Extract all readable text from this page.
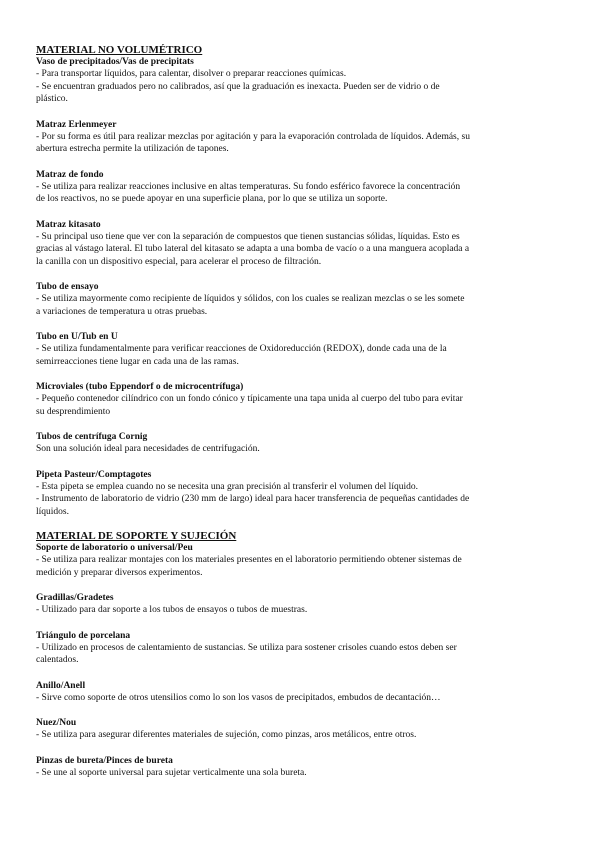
MATERIAL NO VOLUMÉTRICO
Vaso de precipitados/Vas de precipitats
- Para transportar líquidos, para calentar, disolver o preparar reacciones químicas.
- Se encuentran graduados pero no calibrados, así que la graduación es inexacta. Pueden ser de vidrio o de
plástico.
Matraz Erlenmeyer
- Por su forma es útil para realizar mezclas por agitación y para la evaporación controlada de líquidos. Además, su
abertura estrecha permite la utilización de tapones.
Matraz de fondo
- Se utiliza para realizar reacciones inclusive en altas temperaturas. Su fondo esférico favorece la concentración
de los reactivos, no se puede apoyar en una superficie plana, por lo que se utiliza un soporte.
Matraz kitasato
- Su principal uso tiene que ver con la separación de compuestos que tienen sustancias sólidas, líquidas. Esto es
gracias al vástago lateral. El tubo lateral del kitasato se adapta a una bomba de vacío o a una manguera acoplada a
la canilla con un dispositivo especial, para acelerar el proceso de filtración.
Tubo de ensayo
- Se utiliza mayormente como recipiente de líquidos y sólidos, con los cuales se realizan mezclas o se les somete
a variaciones de temperatura u otras pruebas.
Tubo en U/Tub en U
- Se utiliza fundamentalmente para verificar reacciones de Oxidoreducción (REDOX), donde cada una de la
semirreacciones tiene lugar en cada una de las ramas.
Microviales (tubo Eppendorf o de microcentrífuga)
- Pequeño contenedor cilíndrico con un fondo cónico y típicamente una tapa unida al cuerpo del tubo para evitar
su desprendimiento
Tubos de centrífuga Cornig
Son una solución ideal para necesidades de centrifugación.
Pipeta Pasteur/Comptagotes
- Esta pipeta se emplea cuando no se necesita una gran precisión al transferir el volumen del líquido.
- Instrumento de laboratorio de vidrio (230 mm de largo) ideal para hacer transferencia de pequeñas cantidades de
líquidos.
MATERIAL DE SOPORTE Y SUJECIÓN
Soporte de laboratorio o universal/Peu
- Se utiliza para realizar montajes con los materiales presentes en el laboratorio permitiendo obtener sistemas de
medición y preparar diversos experimentos.
Gradillas/Gradetes
- Utilizado para dar soporte a los tubos de ensayos o tubos de muestras.
Triángulo de porcelana
- Utilizado en procesos de calentamiento de sustancias. Se utiliza para sostener crisoles cuando estos deben ser
calentados.
Anillo/Anell
- Sirve como soporte de otros utensilios como lo son los vasos de precipitados, embudos de decantación…
Nuez/Nou
- Se utiliza para asegurar diferentes materiales de sujeción, como pinzas, aros metálicos, entre otros.
Pinzas de bureta/Pinces de bureta
- Se une al soporte universal para sujetar verticalmente una sola bureta.
